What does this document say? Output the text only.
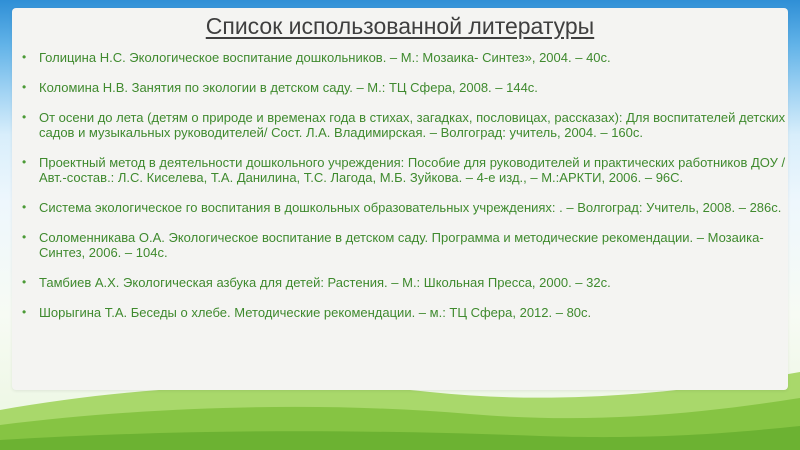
Список использованной литературы
• Голицина Н.С. Экологическое воспитание дошкольников. – М.: Мозаика- Синтез», 2004. – 40с.
• Коломина Н.В. Занятия по экологии в детском саду. – М.: ТЦ Сфера, 2008. – 144с.
• От осени до лета (детям о природе и временах года в стихах, загадках, пословицах, рассказах): Для воспитателей детских садов и музыкальных руководителей/ Сост. Л.А. Владимирская. – Волгоград: учитель, 2004. – 160с.
• Проектный метод в деятельности дошкольного учреждения: Пособие для руководителей и практических работников ДОУ / Авт.-состав.: Л.С. Киселева, Т.А. Данилина, Т.С. Лагода, М.Б. Зуйкова. – 4-е изд., – М.:АРКТИ, 2006. – 96С.
• Система экологическое го воспитания в дошкольных образовательных учреждениях: . – Волгоград: Учитель, 2008. – 286с.
• Соломенникава О.А. Экологическое воспитание в детском саду. Программа и методические рекомендации. – Мозаика-Синтез, 2006. – 104с.
• Тамбиев А.Х. Экологическая азбука для детей: Растения. – М.: Школьная Пресса, 2000. – 32с.
• Шорыгина Т.А. Беседы о хлебе. Методические рекомендации. – м.: ТЦ Сфера, 2012. – 80с.
